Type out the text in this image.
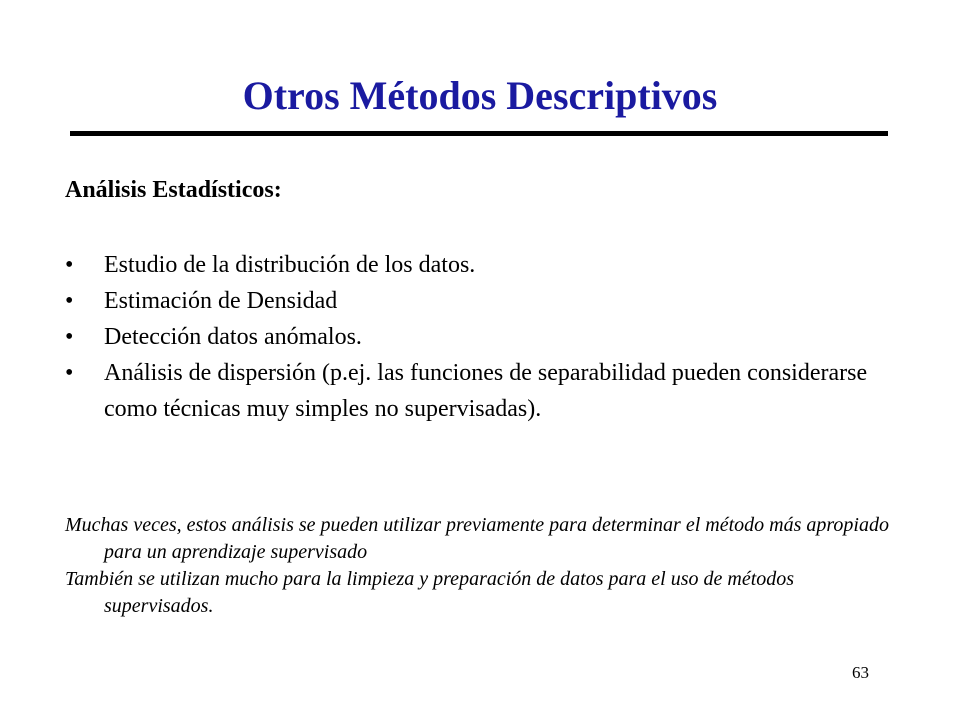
Otros Métodos Descriptivos
Análisis Estadísticos:
• Estudio de la distribución de los datos.
• Estimación de Densidad
• Detección datos anómalos.
• Análisis de dispersión (p.ej. las funciones de separabilidad pueden considerarse como técnicas muy simples no supervisadas).
Muchas veces, estos análisis se pueden utilizar previamente para determinar el método más apropiado para un aprendizaje supervisado
También se utilizan mucho para la limpieza y preparación de datos para el uso de métodos supervisados.
63
